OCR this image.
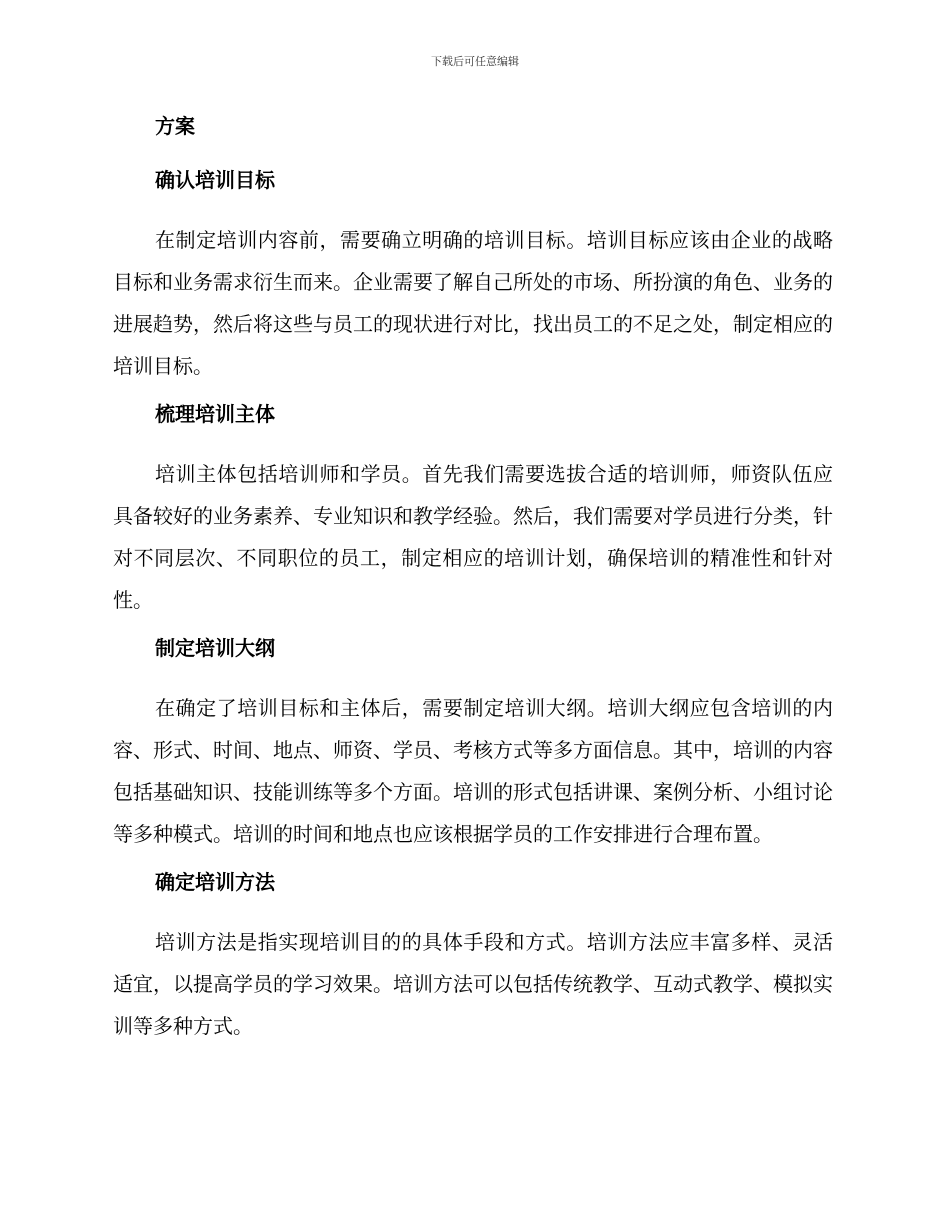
下载后可任意编辑
方案
确认培训目标

在制定培训内容前，需要确立明确的培训目标。培训目标应该由企业的战略目标和业务需求衍生而来。企业需要了解自己所处的市场、所扮演的角色、业务的进展趋势，然后将这些与员工的现状进行对比，找出员工的不足之处，制定相应的培训目标。

梳理培训主体

培训主体包括培训师和学员。首先我们需要选拔合适的培训师，师资队伍应具备较好的业务素养、专业知识和教学经验。然后，我们需要对学员进行分类，针对不同层次、不同职位的员工，制定相应的培训计划，确保培训的精准性和针对性。

制定培训大纲

在确定了培训目标和主体后，需要制定培训大纲。培训大纲应包含培训的内容、形式、时间、地点、师资、学员、考核方式等多方面信息。其中，培训的内容包括基础知识、技能训练等多个方面。培训的形式包括讲课、案例分析、小组讨论等多种模式。培训的时间和地点也应该根据学员的工作安排进行合理布置。

确定培训方法

培训方法是指实现培训目的的具体手段和方式。培训方法应丰富多样、灵活适宜，以提高学员的学习效果。培训方法可以包括传统教学、互动式教学、模拟实训等多种方式。
